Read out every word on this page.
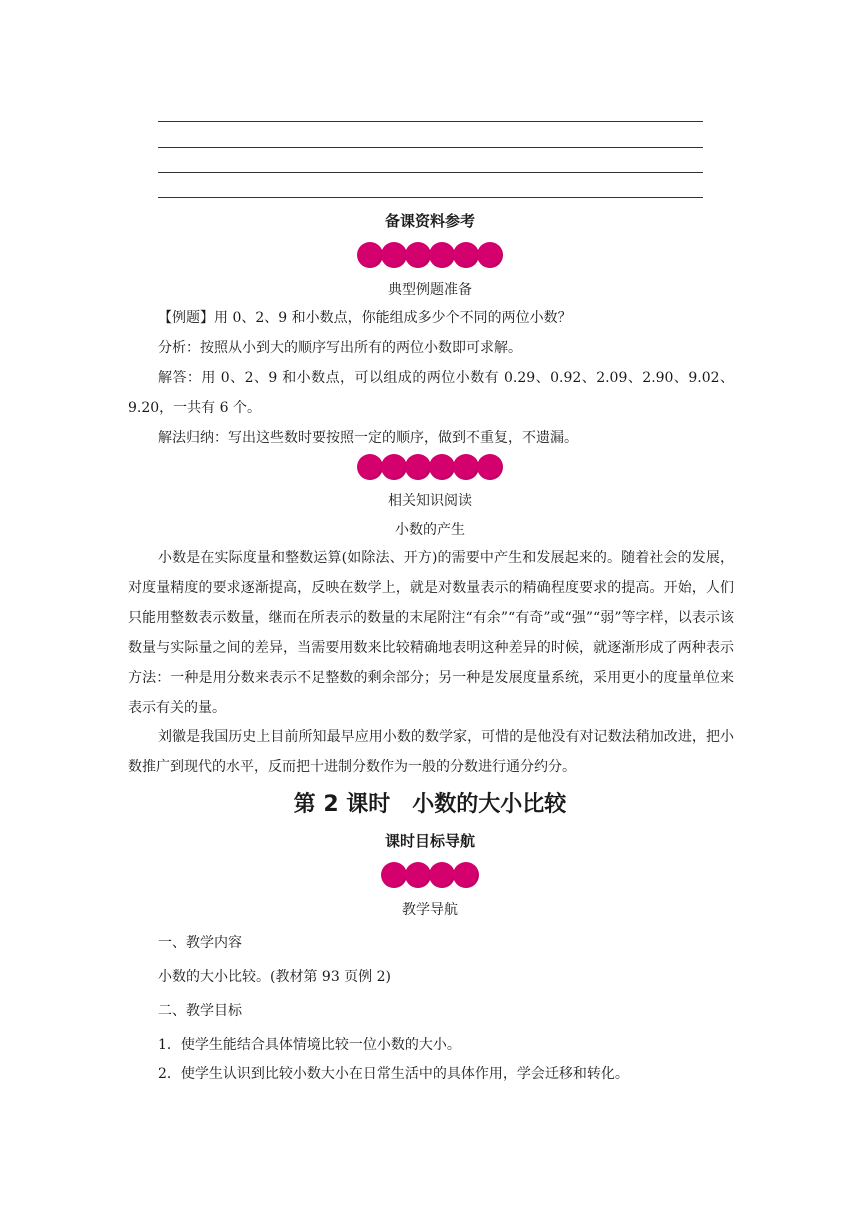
备课资料参考
典型例题准备

【例题】用 0、2、9 和小数点，你能组成多少个不同的两位小数？

分析：按照从小到大的顺序写出所有的两位小数即可求解。

解答：用 0、2、9 和小数点，可以组成的两位小数有 0.29、0.92、2.09、2.90、9.02、9.20，一共有 6 个。

解法归纳：写出这些数时要按照一定的顺序，做到不重复，不遗漏。

相关知识阅读
小数的产生

小数是在实际度量和整数运算(如除法、开方)的需要中产生和发展起来的。随着社会的发展，对度量精度的要求逐渐提高，反映在数学上，就是对数量表示的精确程度要求的提高。开始，人们只能用整数表示数量，继而在所表示的数量的末尾附注“有余”“有奇”或“强”“弱”等字样，以表示该数量与实际量之间的差异，当需要用数来比较精确地表明这种差异的时候，就逐渐形成了两种表示方法：一种是用分数来表示不足整数的剩余部分；另一种是发展度量系统，采用更小的度量单位来表示有关的量。

刘徽是我国历史上目前所知最早应用小数的数学家，可惜的是他没有对记数法稍加改进，把小数推广到现代的水平，反而把十进制分数作为一般的分数进行通分约分。

第 2 课时　小数的大小比较
课时目标导航
教学导航
一、教学内容
小数的大小比较。(教材第 93 页例 2)
二、教学目标
1．使学生能结合具体情境比较一位小数的大小。
2．使学生认识到比较小数大小在日常生活中的具体作用，学会迁移和转化。
